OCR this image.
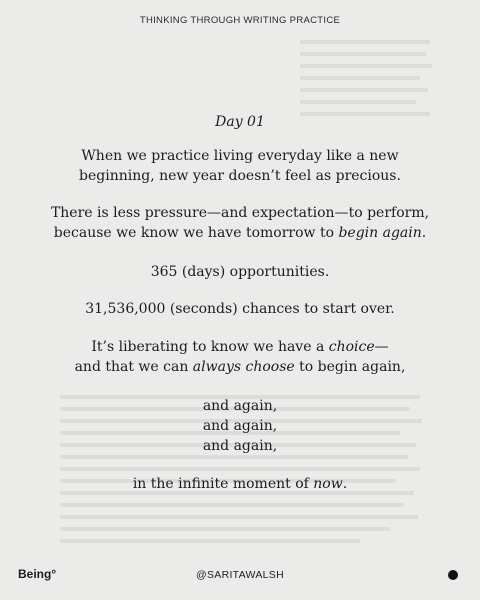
THINKING THROUGH WRITING PRACTICE
Day 01
When we practice living everyday like a new
beginning, new year doesn’t feel as precious.
There is less pressure—and expectation—to perform,
because we know we have tomorrow to begin again.
365 (days) opportunities.
31,536,000 (seconds) chances to start over.
It’s liberating to know we have a choice—
and that we can always choose to begin again,
and again,
and again,
and again,
in the infinite moment of now.
Being°	@SARITAWALSH
